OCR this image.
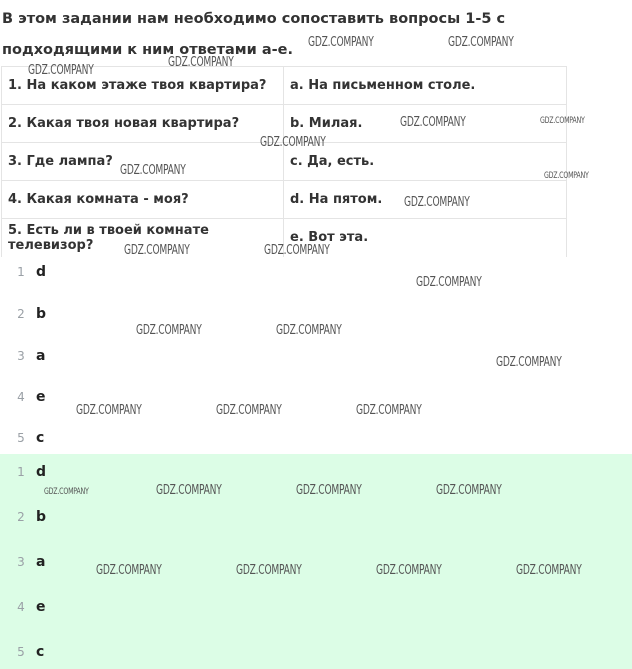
В этом задании нам необходимо сопоставить вопросы 1-5 с подходящими к ним ответами a-e.
1. На каком этаже твоя квартира?	a. На письменном столе.
2. Какая твоя новая квартира?	b. Милая.
3. Где лампа?	c. Да, есть.
4. Какая комната - моя?	d. На пятом.
5. Есть ли в твоей комнате телевизор?	e. Вот эта.
1 d
2 b
3 a
4 e
5 c
1 d
2 b
3 a
4 e
5 c
GDZ.COMPANY	GDZ.COMPANY
GDZ.COMPANY
GDZ.COMPANY
GDZ.COMPANY	GDZ.COMPANY
GDZ.COMPANY
GDZ.COMPANY	GDZ.COMPANY
GDZ.COMPANY
GDZ.COMPANY	GDZ.COMPANY
GDZ.COMPANY
GDZ.COMPANY	GDZ.COMPANY
GDZ.COMPANY
GDZ.COMPANY	GDZ.COMPANY	GDZ.COMPANY
GDZ.COMPANY	GDZ.COMPANY	GDZ.COMPANY	GDZ.COMPANY
GDZ.COMPANY	GDZ.COMPANY	GDZ.COMPANY	GDZ.COMPANY
